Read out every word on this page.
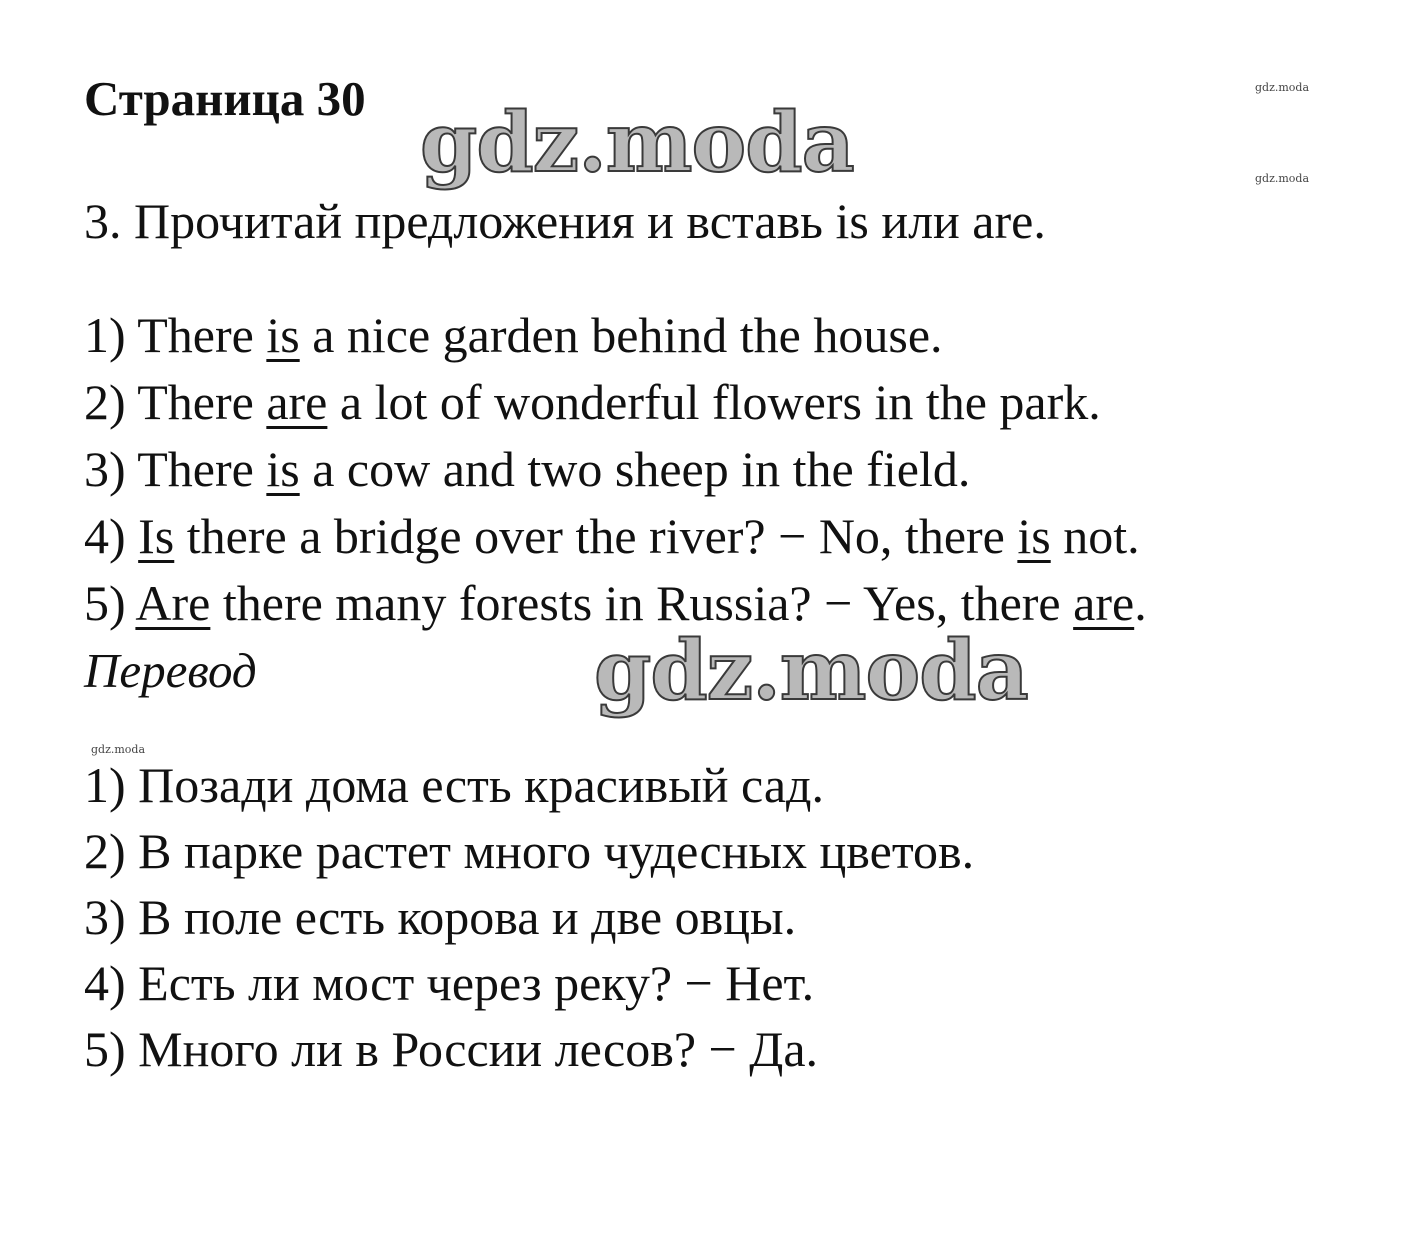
Страница 30 gdz.moda
gdz.moda
gdz.moda
3. Прочитай предложения и вставь is или are.
1) There is a nice garden behind the house.
2) There are a lot of wonderful flowers in the park.
3) There is a cow and two sheep in the field.
4) Is there a bridge over the river? − No, there is not.
5) Are there many forests in Russia? − Yes, there are.
Перевод	gdz.moda
gdz.moda
1) Позади дома есть красивый сад.
2) В парке растет много чудесных цветов.
3) В поле есть корова и две овцы.
4) Есть ли мост через реку? − Нет.
5) Много ли в России лесов? − Да.
